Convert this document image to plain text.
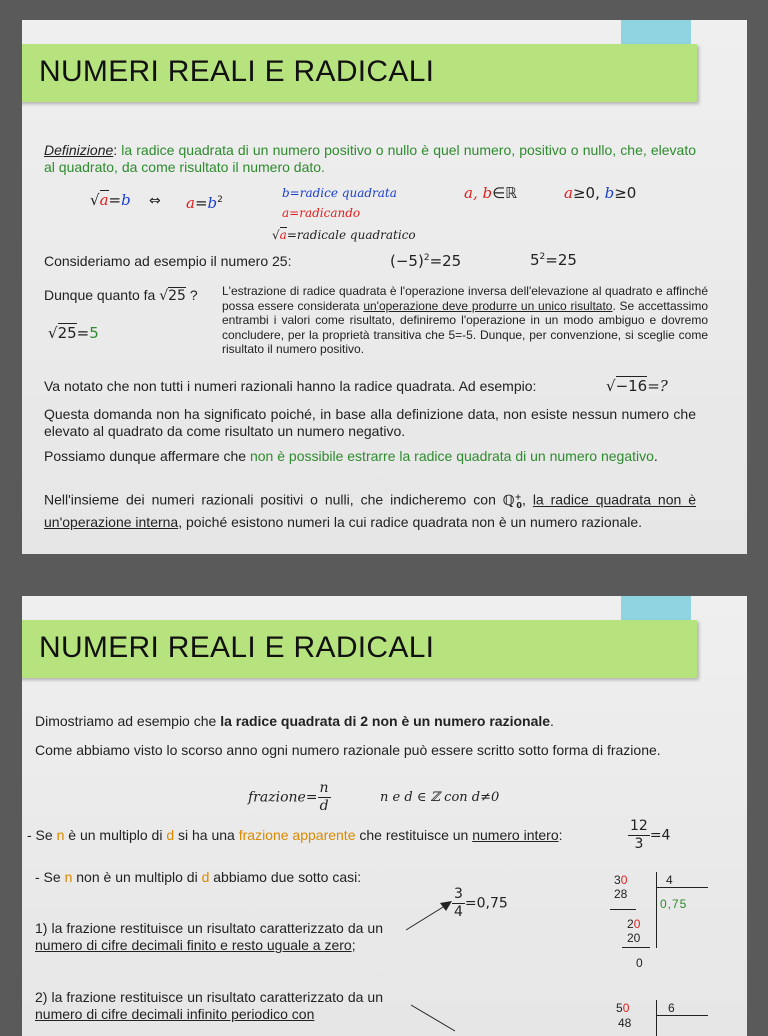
NUMERI REALI E RADICALI
Definizione: la radice quadrata di un numero positivo o nullo è quel numero, positivo o nullo, che, elevato al quadrato, da come risultato il numero dato.
√a=b ⇔ $a=b^2$	b=radice quadrata
a=radicando
√a=radicale quadratico
a, b∈ℝ	a≥0, b≥0
Consideriamo ad esempio il numero 25:	$(-5)^2=25$	$5^2=25$
Dunque quanto fa √25 ? L'estrazione di radice quadrata è l'operazione inversa dell'elevazione al quadrato e affinché possa essere considerata un'operazione deve produrre un unico risultato. Se accettassimo entrambi i valori come risultato, definiremo l'operazione in un modo ambiguo e dovremo concludere, per la proprietà transitiva che 5=-5. Dunque, per convenzione, si sceglie come risultato il numero positivo.
√25=5
Va notato che non tutti i numeri razionali hanno la radice quadrata. Ad esempio:	√−16=?
Questa domanda non ha significato poiché, in base alla definizione data, non esiste nessun numero che elevato al quadrato da come risultato un numero negativo.
Possiamo dunque affermare che non è possibile estrarre la radice quadrata di un numero negativo.
Nell'insieme dei numeri razionali positivi o nulli, che indicheremo con ℚ+$_0$, la radice quadrata non è un'operazione interna, poiché esistono numeri la cui radice quadrata non è un numero razionale.
NUMERI REALI E RADICALI
Dimostriamo ad esempio che la radice quadrata di 2 non è un numero razionale.
Come abbiamo visto lo scorso anno ogni numero razionale può essere scritto sotto forma di frazione.
frazione= $\frac{n}{d}$	n e d ∈ ℤ con d≠0
- Se n è un multiplo di d si ha una frazione apparente che restituisce un numero intero:	$\frac{12}{3} =4$
- Se n non è un multiplo di d abbiamo due sotto casi:
1) la frazione restituisce un risultato caratterizzato da un numero di cifre decimali finito e resto uguale a zero;
2) la frazione restituisce un risultato caratterizzato da un numero di cifre decimali infinito periodico con
$\frac{3}{4} =0,75$
30
28
20
20
0
4
0,75
50
48
6
